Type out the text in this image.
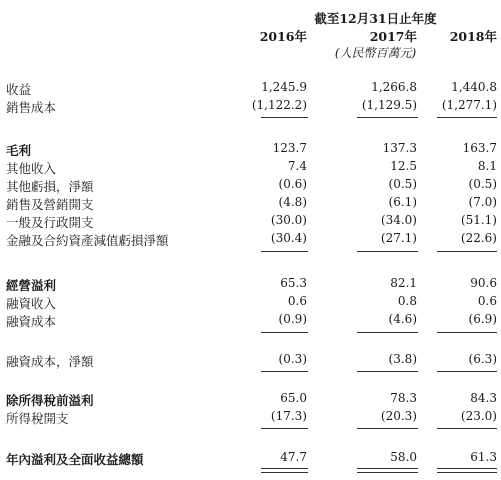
截至12月31日止年度
2016年	2017年	2018年
(人民幣百萬元)
收益	1,245.9	1,266.8	1,440.8
銷售成本	(1,122.2)	(1,129.5)	(1,277.1)
毛利	123.7	137.3	163.7
其他收入	7.4	12.5	8.1
其他虧損，淨額	(0.6)	(0.5)	(0.5)
銷售及營銷開支	(4.8)	(6.1)	(7.0)
一般及行政開支	(30.0)	(34.0)	(51.1)
金融及合約資產減值虧損淨額	(30.4)	(27.1)	(22.6)
經營溢利	65.3	82.1	90.6
融資收入	0.6	0.8	0.6
融資成本	(0.9)	(4.6)	(6.9)
融資成本，淨額	(0.3)	(3.8)	(6.3)
除所得稅前溢利	65.0	78.3	84.3
所得稅開支	(17.3)	(20.3)	(23.0)
年內溢利及全面收益總額	47.7	58.0	61.3
